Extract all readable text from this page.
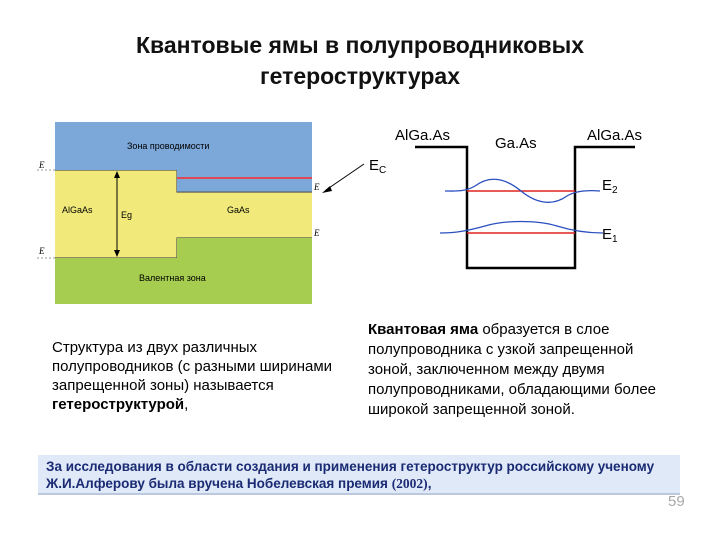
Квантовые ямы в полупроводниковых
гетероструктурах
Зона проводимости
AlGaAs	GaAs
Eg
Валентная зона
E
E
E
E
AlGa.As	Ga.As	AlGa.As
$E_C$
$E_2$
$E_1$
Структура из двух различных полупроводников (с разными ширинами запрещенной зоны) называется гетероструктурой,
Квантовая яма образуется в слое полупроводника с узкой запрещенной зоной, заключенном между двумя полупроводниками, обладающими более широкой запрещенной зоной.
За исследования в области создания и применения гетероструктур российскому ученому Ж.И.Алферову была вручена Нобелевская премия (2002),
59
